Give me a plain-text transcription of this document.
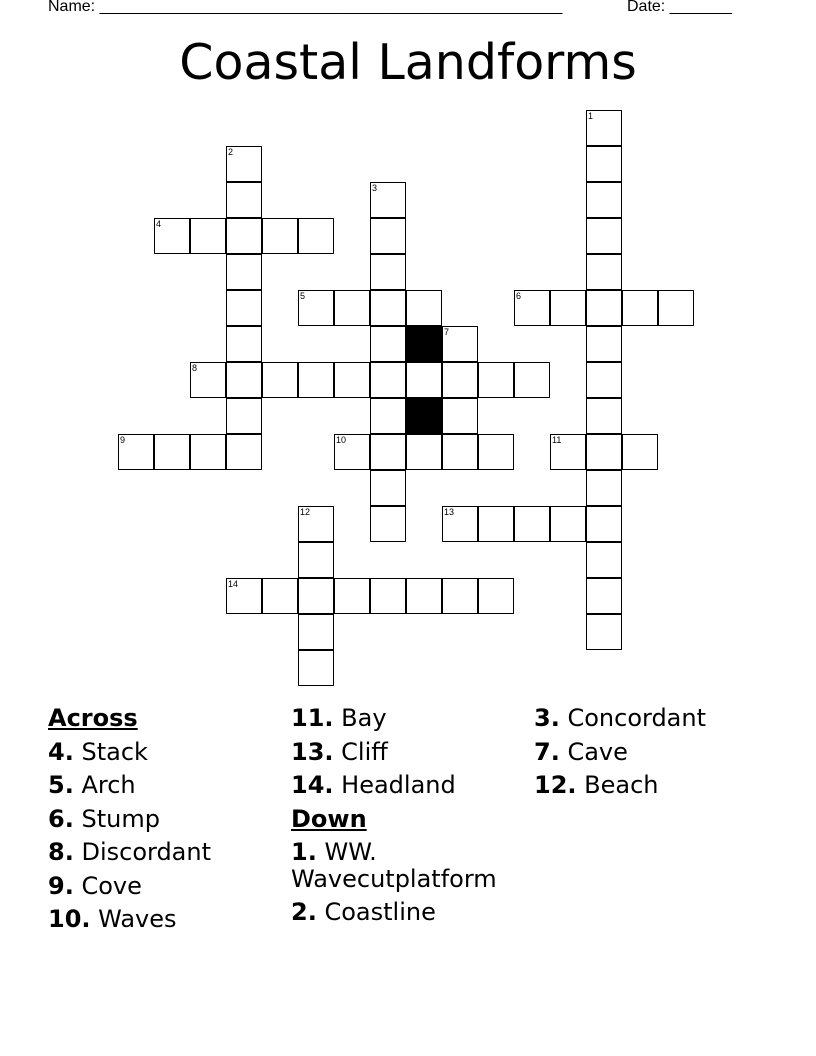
Name: ____________________________________________________	Date: _______
Coastal Landforms
1
2
3
4
5	6
7
8
9	10	11
12	13
14
Across
4. Stack
5. Arch
6. Stump
8. Discordant
9. Cove
10. Waves
11. Bay
13. Cliff
14. Headland
Down
1. WW. Wavecutplatform
2. Coastline
3. Concordant
7. Cave
12. Beach
